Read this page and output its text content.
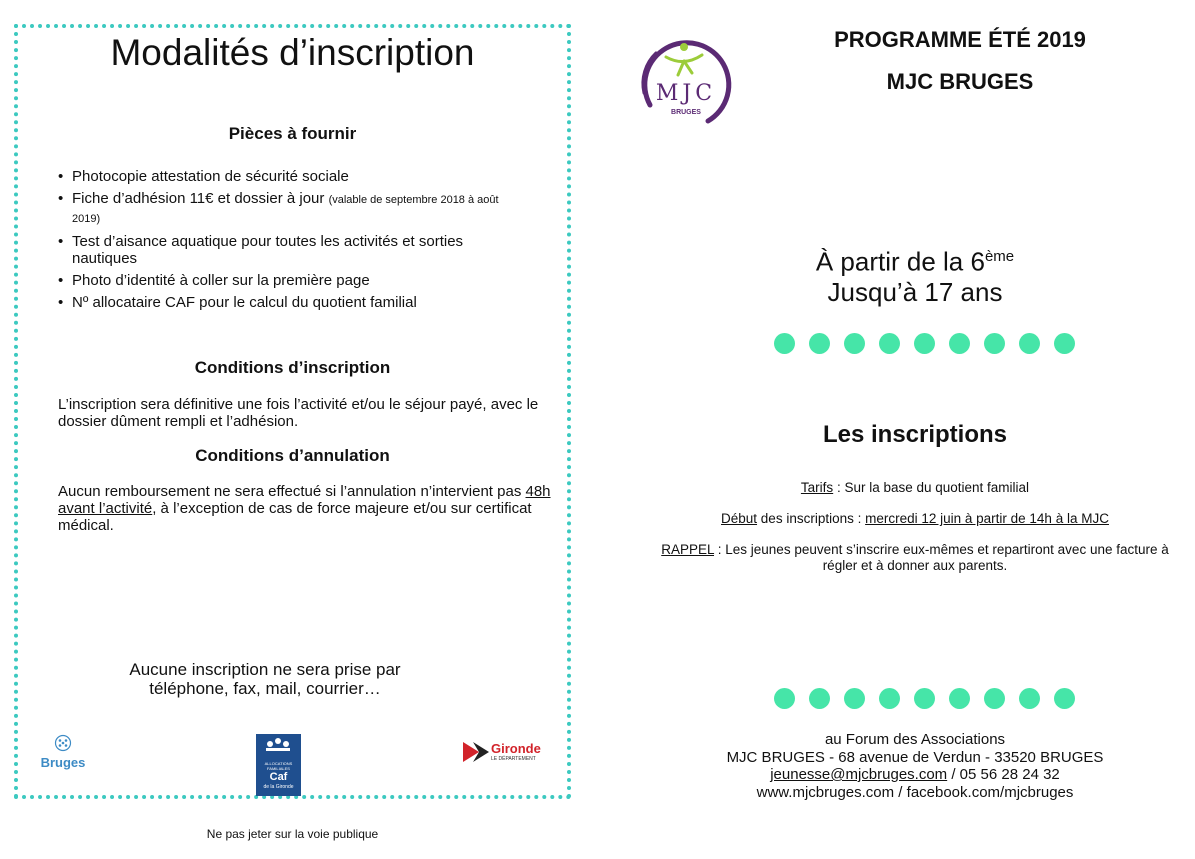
Modalités d’inscription
Pièces à fournir
• Photocopie attestation de sécurité sociale
• Fiche d’adhésion 11€ et dossier à jour (valable de septembre 2018 à août 2019)
• Test d’aisance aquatique pour toutes les activités et sorties nautiques
• Photo d’identité à coller sur la première page
• Nº allocataire CAF pour le calcul du quotient familial
Conditions d’inscription
L’inscription sera définitive une fois l’activité et/ou le séjour payé, avec le dossier dûment rempli et l’adhésion.
Conditions d’annulation
Aucun remboursement ne sera effectué si l’annulation n’intervient pas 48h avant l’activité, à l’exception de cas de force majeure et/ou sur certificat médical.
Aucune inscription ne sera prise par téléphone, fax, mail, courrier…
Bruges	ALLOCATIONS FAMILIALES
Caf
de la Gironde
Gironde
LE DÉPARTEMENT
Ne pas jeter sur la voie publique
MJC
BRUGES
PROGRAMME ÉTÉ 2019
MJC BRUGES
À partir de la 6ème
Jusqu’à 17 ans
Les inscriptions
Tarifs : Sur la base du quotient familial
Début des inscriptions : mercredi 12 juin à partir de 14h à la MJC
RAPPEL : Les jeunes peuvent s’inscrire eux-mêmes et repartiront avec une facture à régler et à donner aux parents.
au Forum des Associations
MJC BRUGES - 68 avenue de Verdun - 33520 BRUGES
jeunesse@mjcbruges.com / 05 56 28 24 32
www.mjcbruges.com / facebook.com/mjcbruges
